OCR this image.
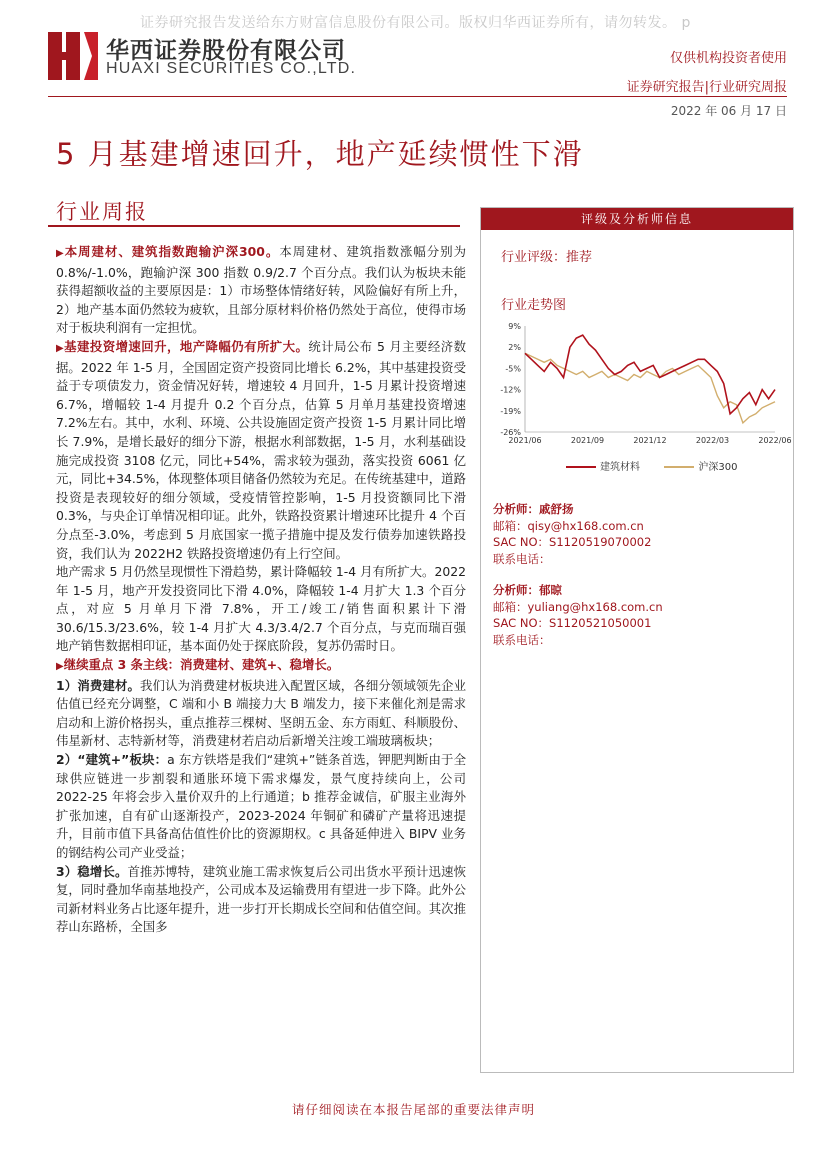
证券研究报告发送给东方财富信息股份有限公司。版权归华西证券所有，请勿转发。 p
华西证券股份有限公司
HUAXI SECURITIES CO.,LTD.
仅供机构投资者使用
证券研究报告|行业研究周报
2022 年 06 月 17 日
5 月基建增速回升，地产延续惯性下滑
行业周报

▶本周建材、建筑指数跑输沪深300。本周建材、建筑指数涨幅分别为 0.8%/-1.0%，跑输沪深 300 指数 0.9/2.7 个百分点。我们认为板块未能获得超额收益的主要原因是：1）市场整体情绪好转，风险偏好有所上升，2）地产基本面仍然较为疲软，且部分原材料价格仍然处于高位，使得市场对于板块利润有一定担忧。

▶基建投资增速回升，地产降幅仍有所扩大。统计局公布 5 月主要经济数据。2022 年 1-5 月，全国固定资产投资同比增长 6.2%，其中基建投资受益于专项债发力，资金情况好转，增速较 4 月回升，1-5 月累计投资增速 6.7%，增幅较 1-4 月提升 0.2 个百分点，估算 5 月单月基建投资增速 7.2%左右。其中，水利、环境、公共设施固定资产投资 1-5 月累计同比增长 7.9%，是增长最好的细分下游，根据水利部数据，1-5 月，水利基础设施完成投资 3108 亿元，同比+54%，需求较为强劲，落实投资 6061 亿元，同比+34.5%，体现整体项目储备仍然较为充足。在传统基建中，道路投资是表现较好的细分领域，受疫情管控影响，1-5 月投资额同比下滑 0.3%，与央企订单情况相印证。此外，铁路投资累计增速环比提升 4 个百分点至-3.0%，考虑到 5 月底国家一揽子措施中提及发行债券加速铁路投资，我们认为 2022H2 铁路投资增速仍有上行空间。

地产需求 5 月仍然呈现惯性下滑趋势，累计降幅较 1-4 月有所扩大。2022 年 1-5 月，地产开发投资同比下滑 4.0%，降幅较 1-4 月扩大 1.3 个百分点，对应 5 月单月下滑 7.8%，开工/竣工/销售面积累计下滑 30.6/15.3/23.6%，较 1-4 月扩大 4.3/3.4/2.7 个百分点，与克而瑞百强地产销售数据相印证，基本面仍处于探底阶段，复苏仍需时日。

▶继续重点 3 条主线：消费建材、建筑+、稳增长。

1）消费建材。我们认为消费建材板块进入配置区域，各细分领域领先企业估值已经充分调整，C 端和小 B 端接力大 B 端发力，接下来催化剂是需求启动和上游价格拐头，重点推荐三棵树、坚朗五金、东方雨虹、科顺股份、伟星新材、志特新材等，消费建材若启动后新增关注竣工端玻璃板块；

2）“建筑+”板块：a 东方铁塔是我们“建筑+”链条首选，钾肥判断由于全球供应链进一步割裂和通胀环境下需求爆发，景气度持续向上，公司 2022-25 年将会步入量价双升的上行通道；b 推荐金诚信，矿服主业海外扩张加速，自有矿山逐渐投产，2023-2024 年铜矿和磷矿产量将迅速提升，目前市值下具备高估值性价比的资源期权。c 具备延伸进入 BIPV 业务的钢结构公司产业受益；

3）稳增长。首推苏博特，建筑业施工需求恢复后公司出货水平预计迅速恢复，同时叠加华南基地投产，公司成本及运输费用有望进一步下降。此外公司新材料业务占比逐年提升，进一步打开长期成长空间和估值空间。其次推荐山东路桥，全国多

评级及分析师信息
行业评级：推荐
行业走势图
9%
2%
-5%
-12%
-19%
-26%
2021/06	2021/09	2021/12	2022/03	2022/06
建筑材料	沪深300
分析师：戚舒扬
邮箱：qisy@hx168.com.cn
SAC NO：S1120519070002
联系电话：
分析师：郁晾
邮箱：yuliang@hx168.com.cn
SAC NO：S1120521050001
联系电话：
请仔细阅读在本报告尾部的重要法律声明
